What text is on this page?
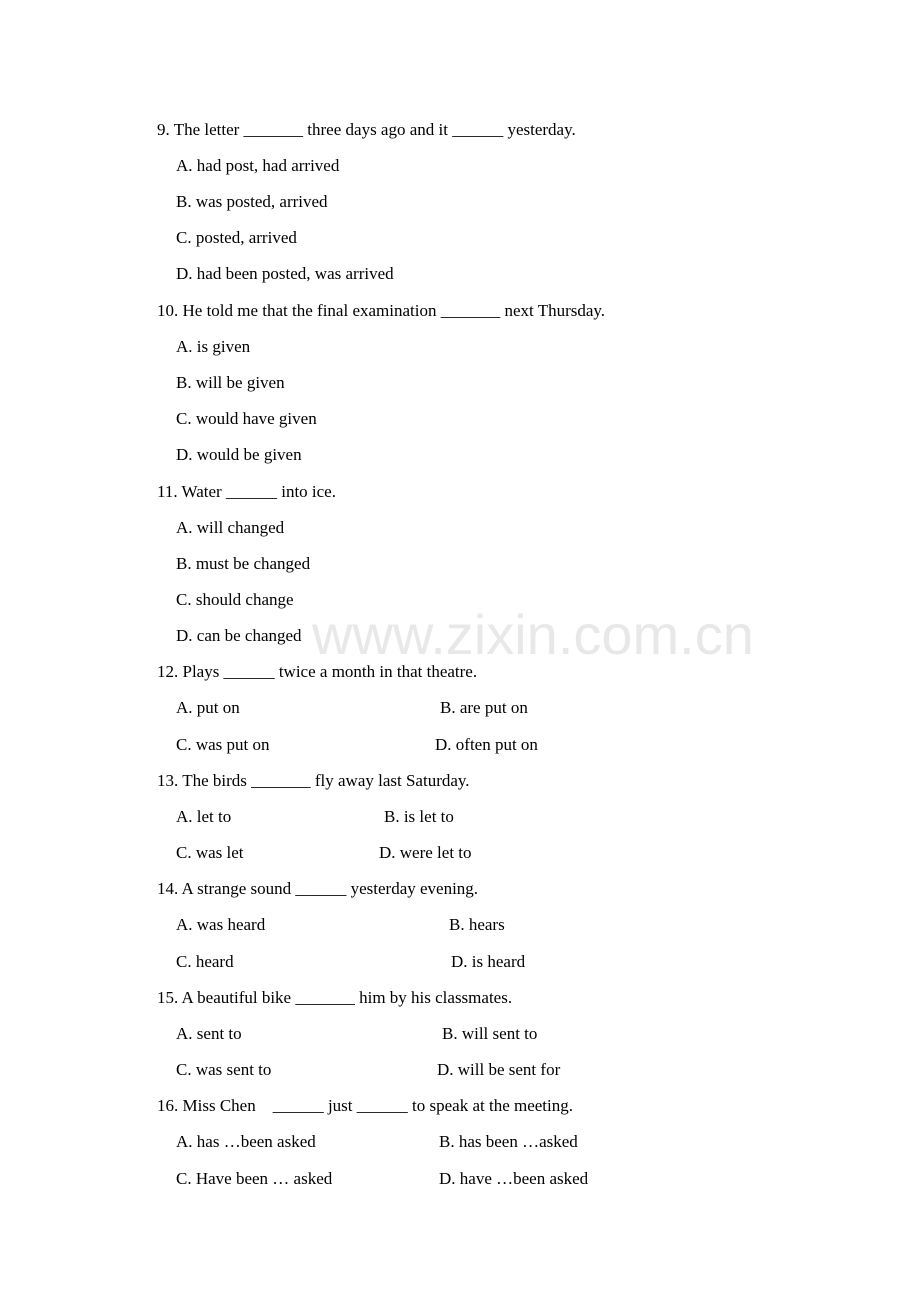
www.zixin.com.cn
9. The letter _______ three days ago and it ______ yesterday.
A. had post, had arrived
B. was posted, arrived
C. posted, arrived
D. had been posted, was arrived
10. He told me that the final examination _______ next Thursday.
A. is given
B. will be given
C. would have given
D. would be given
11. Water ______ into ice.
A. will changed
B. must be changed
C. should change
D. can be changed
12. Plays ______ twice a month in that theatre.
A. put on	B. are put on
C. was put on	D. often put on
13. The birds _______ fly away last Saturday.
A. let to	B. is let to
C. was let	D. were let to
14. A strange sound ______ yesterday evening.
A. was heard	B. hears
C. heard	D. is heard
15. A beautiful bike _______ him by his classmates.
A. sent to	B. will sent to
C. was sent to	D. will be sent for
16. Miss Chen    ______ just ______ to speak at the meeting.
A. has …been asked	B. has been …asked
C. Have been … asked	D. have …been asked
